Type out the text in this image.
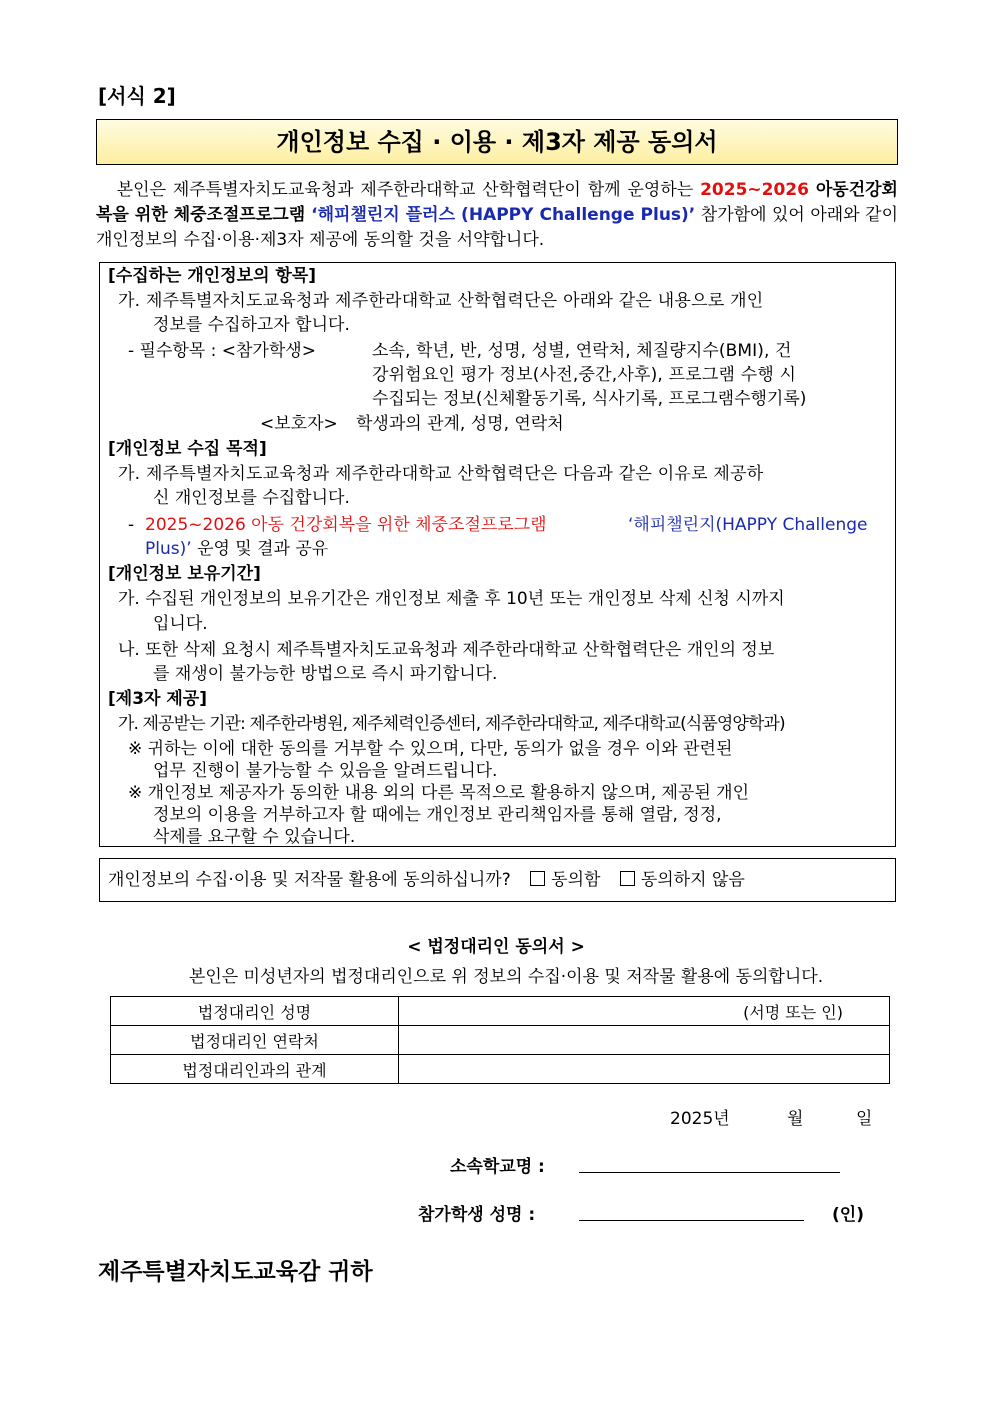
[서식 2]
개인정보 수집 · 이용 · 제3자 제공 동의서

본인은 제주특별자치도교육청과 제주한라대학교 산학협력단이 함께 운영하는 2025~2026 아동건강회복을 위한 체중조절프로그램 ‘해피챌린지 플러스 (HAPPY Challenge Plus)’ 참가함에 있어 아래와 같이 개인정보의 수집·이용·제3자 제공에 동의할 것을 서약합니다.

[수집하는 개인정보의 항목]
가. 제주특별자치도교육청과 제주한라대학교 산학협력단은 아래와 같은 내용으로 개인
정보를 수집하고자 합니다.
- 필수항목 : <참가학생>	소속, 학년, 반, 성명, 성별, 연락처, 체질량지수(BMI), 건
강위험요인 평가 정보(사전,중간,사후), 프로그램 수행 시
수집되는 정보(신체활동기록, 식사기록, 프로그램수행기록)
<보호자> 학생과의 관계, 성명, 연락처
[개인정보 수집 목적]
가. 제주특별자치도교육청과 제주한라대학교 산학협력단은 다음과 같은 이유로 제공하
신 개인정보를 수집합니다.
- 2025~2026 아동 건강회복을 위한 체중조절프로그램	‘해피챌린지(HAPPY Challenge
Plus)’ 운영 및 결과 공유
[개인정보 보유기간]
가. 수집된 개인정보의 보유기간은 개인정보 제출 후 10년 또는 개인정보 삭제 신청 시까지
입니다.
나. 또한 삭제 요청시 제주특별자치도교육청과 제주한라대학교 산학협력단은 개인의 정보
를 재생이 불가능한 방법으로 즉시 파기합니다.
[제3자 제공]
가. 제공받는 기관: 제주한라병원, 제주체력인증센터, 제주한라대학교, 제주대학교(식품영양학과)
※ 귀하는 이에 대한 동의를 거부할 수 있으며, 다만, 동의가 없을 경우 이와 관련된
업무 진행이 불가능할 수 있음을 알려드립니다.
※ 개인정보 제공자가 동의한 내용 외의 다른 목적으로 활용하지 않으며, 제공된 개인
정보의 이용을 거부하고자 할 때에는 개인정보 관리책임자를 통해 열람, 정정,
삭제를 요구할 수 있습니다.
개인정보의 수집·이용 및 저작물 활용에 동의하십니까? 동의함 동의하지 않음
< 법정대리인 동의서 >
본인은 미성년자의 법정대리인으로 위 정보의 수집·이용 및 저작물 활용에 동의합니다.
법정대리인 성명	(서명 또는 인)
법정대리인 연락처	
법정대리인과의 관계	
2025년	월	일
소속학교명 :
참가학생 성명 :	(인)
제주특별자치도교육감 귀하
